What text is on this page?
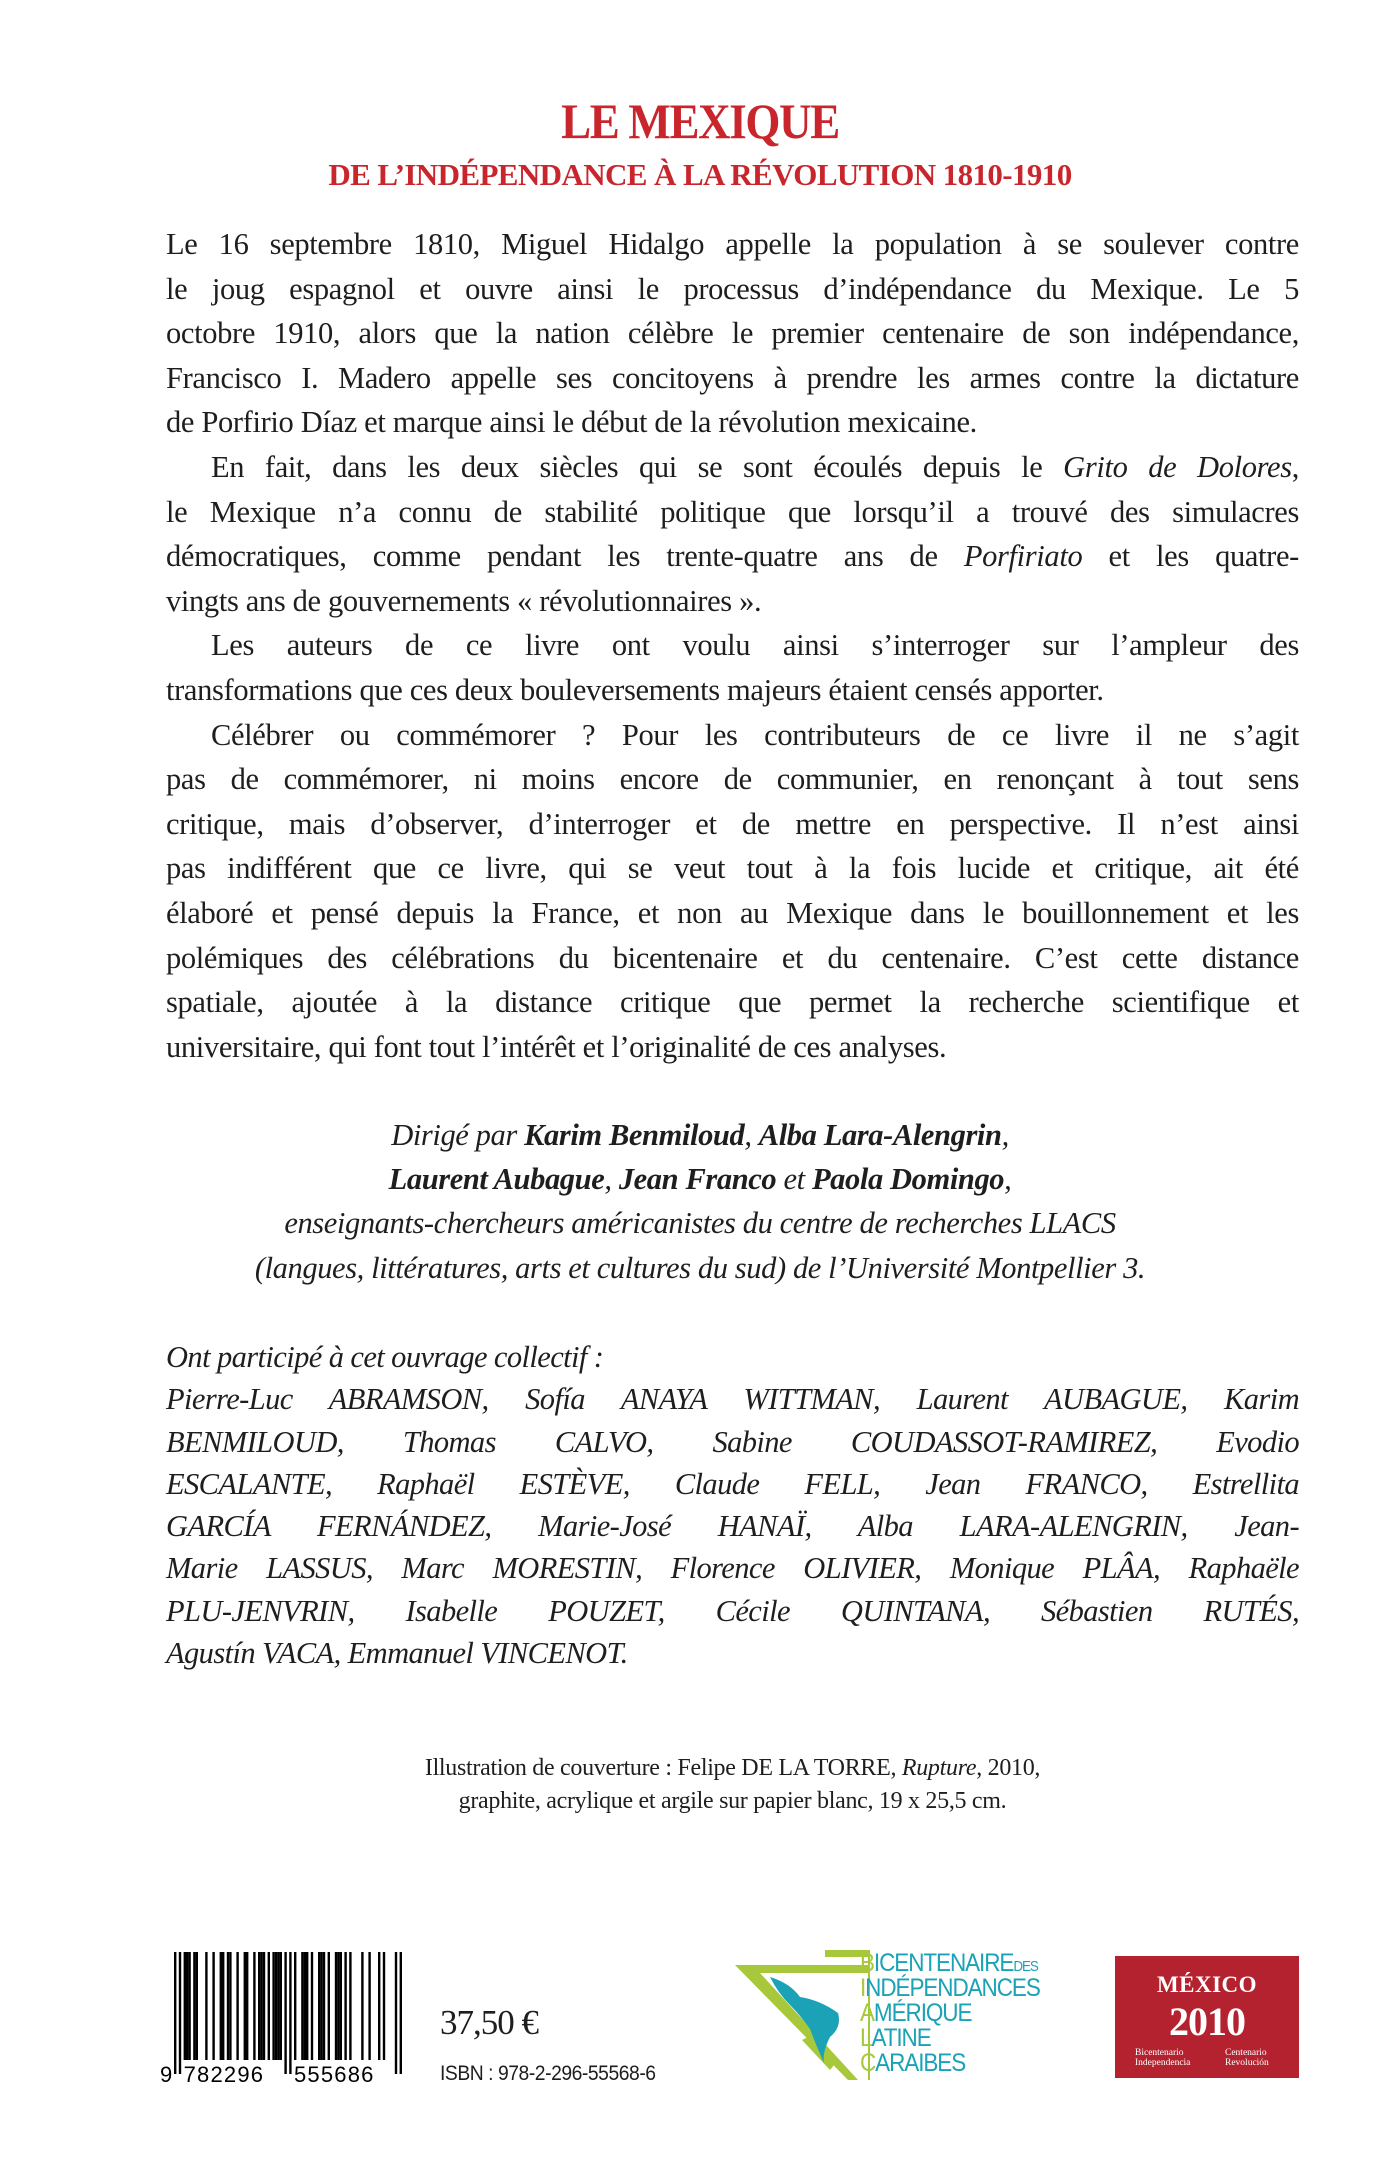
LE MEXIQUE
DE L’INDÉPENDANCE À LA RÉVOLUTION 1810-1910
Le 16 septembre 1810, Miguel Hidalgo appelle la population à se soulever contre
le joug espagnol et ouvre ainsi le processus d’indépendance du Mexique. Le 5
octobre 1910, alors que la nation célèbre le premier centenaire de son indépendance,
Francisco I. Madero appelle ses concitoyens à prendre les armes contre la dictature
de Porfirio Díaz et marque ainsi le début de la révolution mexicaine.
En fait, dans les deux siècles qui se sont écoulés depuis le Grito de Dolores,
le Mexique n’a connu de stabilité politique que lorsqu’il a trouvé des simulacres
démocratiques, comme pendant les trente-quatre ans de Porfiriato et les quatre-
vingts ans de gouvernements « révolutionnaires ».
Les auteurs de ce livre ont voulu ainsi s’interroger sur l’ampleur des
transformations que ces deux bouleversements majeurs étaient censés apporter.
Célébrer ou commémorer ? Pour les contributeurs de ce livre il ne s’agit
pas de commémorer, ni moins encore de communier, en renonçant à tout sens
critique, mais d’observer, d’interroger et de mettre en perspective. Il n’est ainsi
pas indifférent que ce livre, qui se veut tout à la fois lucide et critique, ait été
élaboré et pensé depuis la France, et non au Mexique dans le bouillonnement et les
polémiques des célébrations du bicentenaire et du centenaire. C’est cette distance
spatiale, ajoutée à la distance critique que permet la recherche scientifique et
universitaire, qui font tout l’intérêt et l’originalité de ces analyses.
Dirigé par Karim Benmiloud, Alba Lara-Alengrin,
Laurent Aubague, Jean Franco et Paola Domingo,
enseignants-chercheurs américanistes du centre de recherches LLACS
(langues, littératures, arts et cultures du sud) de l’Université Montpellier 3.
Ont participé à cet ouvrage collectif :
Pierre-Luc ABRAMSON, Sofía ANAYA WITTMAN, Laurent AUBAGUE, Karim
BENMILOUD, Thomas CALVO, Sabine COUDASSOT-RAMIREZ, Evodio
ESCALANTE, Raphaël ESTÈVE, Claude FELL, Jean FRANCO, Estrellita
GARCÍA FERNÁNDEZ, Marie-José HANAÏ, Alba LARA-ALENGRIN, Jean-
Marie LASSUS, Marc MORESTIN, Florence OLIVIER, Monique PLÂA, Raphaële
PLU-JENVRIN, Isabelle POUZET, Cécile QUINTANA, Sébastien RUTÉS,
Agustín VACA, Emmanuel VINCENOT.
Illustration de couverture : Felipe DE LA TORRE, Rupture, 2010,
graphite, acrylique et argile sur papier blanc, 19 x 25,5 cm.
9 782296 555686
37,50 €
ISBN : 978-2-296-55568-6
BICENTENAIREDES
INDÉPENDANCES
AMÉRIQUE
LATINE
CARAIBES
MÉXICO
2010
Bicentenario
Independencia
Centenario
Revolución
